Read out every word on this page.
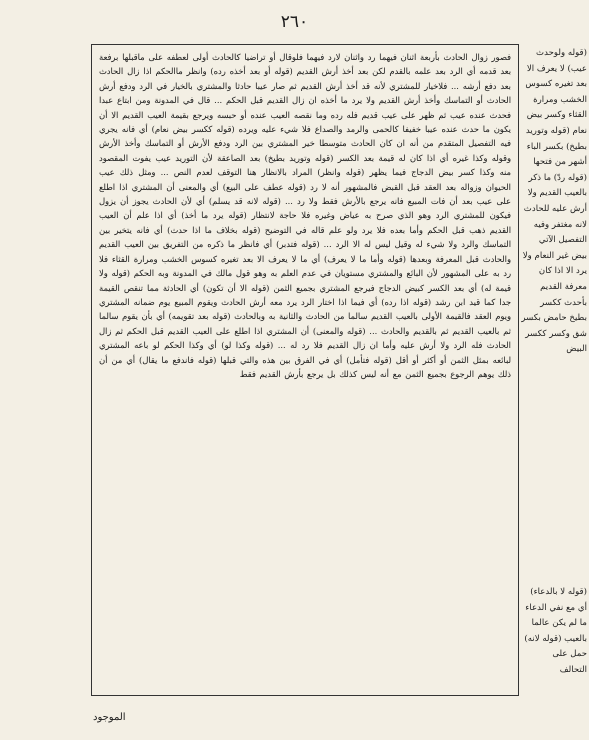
٢٦٠
(قوله ولوحدث عيب) لا يعرف الا بعد تغيره كسوس الخشب ومرارة القثاء وكسر بيض نعام (قوله وتوريد بطيخ) بكسر الباء أشهر من فتحها (قوله ردّ) ما ذكر بالعيب القديم ولا أرش عليه للحادث لانه مغتفر وفيه التفصيل الآتي بيض غير النعام ولا يرد الا اذا كان معرفة القديم بأحدث ككسر بطيخ حامض بكسر شق وكسر ككسر البيض
فصور زوال الحادث بأربعة اثنان فيهما رد واثنان لارد فيهما فلوقال أو تراضيا كالحادث أولى لعطفه على ماقبلها برفعة بعد قدمه أي الرد بعد علمه بالقدم لكن بعد أخذ أرش القديم (قوله أو بعد أخذه رده) وانظر ماالحكم اذا زال الحادث بعد دفع أرشه ... فلاخيار للمشتري لأنه قد أخذ أرش القديم ثم صار عيبا حادثا والمشتري بالخيار في الرد ودفع أرش الحادث أو التماسك وأخذ أرش القديم ولا يرد ما أخذه ان زال القديم قبل الحكم ... قال في المدونة ومن ابتاع عبدا فحدث عنده عيب ثم ظهر على عيب قديم فله رده وما نقصه العيب عنده أو حبسه ويرجع بقيمة العيب القديم الا أن يكون ما حدث عنده عيبا خفيفا كالحمى والرمد والصداع فلا شيء عليه ويرده (قوله ككسر بيض نعام) أي فانه يجري فيه التفصيل المتقدم من أنه ان كان الحادث متوسطا خير المشتري بين الرد ودفع الأرش أو التماسك وأخذ الأرش وقوله وكذا غيره أي اذا كان له قيمة بعد الكسر (قوله وتوريد بطيخ) بعد الصاعقة لأن التوريد عيب يفوت المقصود منه وكذا كسر بيض الدجاج فيما يظهر (قوله وانظر) المراد بالانظار هنا التوقف لعدم النص ... ومثل ذلك عيب الحيوان وزواله بعد العقد قبل القبض فالمشهور أنه لا رد (قوله عطف على البيع) أي والمعنى أن المشتري اذا اطلع على عيب بعد أن فات المبيع فانه يرجع بالأرش فقط ولا رد ... (قوله لانه قد يسلم) أي لأن الحادث يجوز أن يزول فيكون للمشتري الرد وهو الذي صرح به عياض وغيره فلا حاجة لانتظار (قوله يرد ما أخذ) أي اذا علم أن العيب القديم ذهب قبل الحكم وأما بعده فلا يرد ولو علم قاله في التوضيح (قوله بخلاف ما اذا حدث) أي فانه يتخير بين التماسك والرد ولا شيء له وقيل ليس له الا الرد ... (قوله فتدبر) أي فانظر ما ذكره من التفريق بين العيب القديم والحادث قبل المعرفة وبعدها (قوله وأما ما لا يعرف) أي ما لا يعرف الا بعد تغيره كسوس الخشب ومرارة القثاء فلا رد به على المشهور لأن البائع والمشتري مستويان في عدم العلم به وهو قول مالك في المدونة وبه الحكم (قوله ولا قيمة له) أي بعد الكسر كبيض الدجاج فيرجع المشتري بجميع الثمن (قوله الا أن تكون) أي الحادثة مما تنقص القيمة جدا كما قيد ابن رشد (قوله اذا رده) أي فيما اذا اختار الرد يرد معه أرش الحادث ويقوم المبيع يوم ضمانه المشتري ويوم العقد فالقيمة الأولى بالعيب القديم سالما من الحادث والثانية به وبالحادث (قوله بعد تقويمه) أي بأن يقوم سالما ثم بالعيب القديم ثم بالقديم والحادث ... (قوله والمعنى) أن المشتري اذا اطلع على العيب القديم قبل الحكم ثم زال الحادث فله الرد ولا أرش عليه وأما ان زال القديم فلا رد له ... (قوله وكذا لو) أي وكذا الحكم لو باعه المشتري لبائعه بمثل الثمن أو أكثر أو أقل (قوله فتأمل) أي في الفرق بين هذه والتي قبلها (قوله فاندفع ما يقال) أي من أن ذلك يوهم الرجوع بجميع الثمن مع أنه ليس كذلك بل يرجع بأرش القديم فقط
(قوله لا بالدعاء) أي مع نفي الدعاء ما لم يكن عالما بالعيب (قوله لانه) حمل على التحالف
الموجود
